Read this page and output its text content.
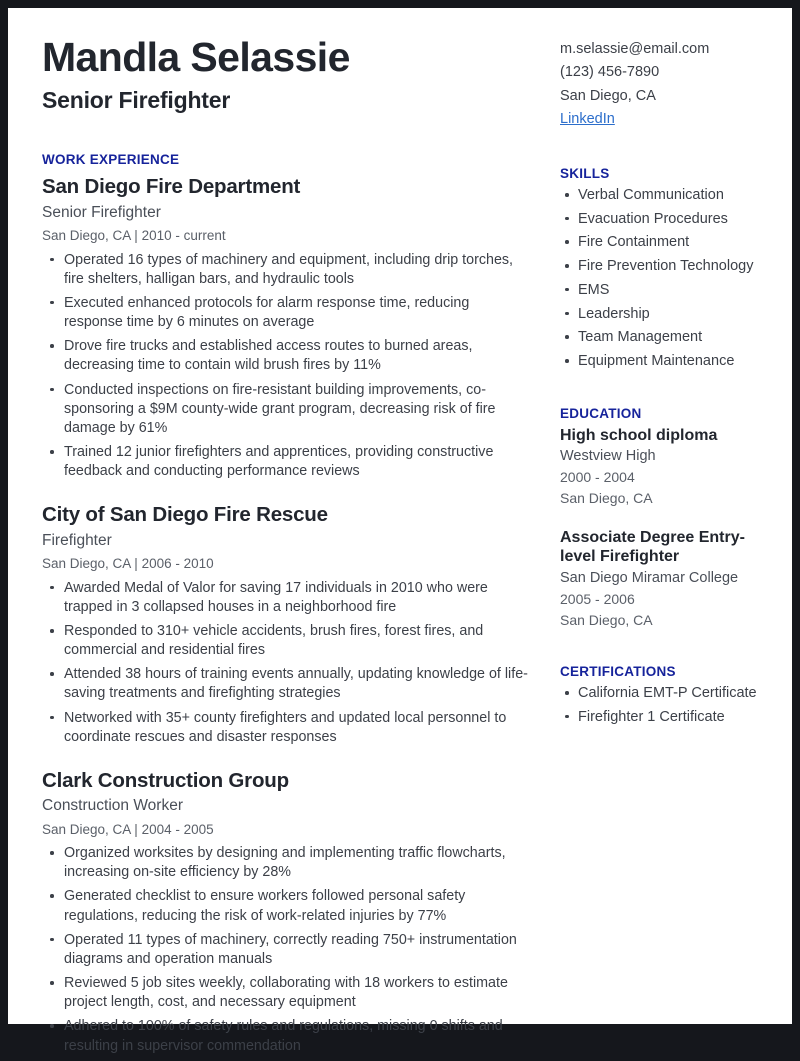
Mandla Selassie
Senior Firefighter
WORK EXPERIENCE
San Diego Fire Department
Senior Firefighter
San Diego, CA | 2010 - current
Operated 16 types of machinery and equipment, including drip torches, fire shelters, halligan bars, and hydraulic tools
Executed enhanced protocols for alarm response time, reducing response time by 6 minutes on average
Drove fire trucks and established access routes to burned areas, decreasing time to contain wild brush fires by 11%
Conducted inspections on fire-resistant building improvements, co-sponsoring a $9M county-wide grant program, decreasing risk of fire damage by 61%
Trained 12 junior firefighters and apprentices, providing constructive feedback and conducting performance reviews
City of San Diego Fire Rescue
Firefighter
San Diego, CA | 2006 - 2010
Awarded Medal of Valor for saving 17 individuals in 2010 who were trapped in 3 collapsed houses in a neighborhood fire
Responded to 310+ vehicle accidents, brush fires, forest fires, and commercial and residential fires
Attended 38 hours of training events annually, updating knowledge of life-saving treatments and firefighting strategies
Networked with 35+ county firefighters and updated local personnel to coordinate rescues and disaster responses
Clark Construction Group
Construction Worker
San Diego, CA | 2004 - 2005
Organized worksites by designing and implementing traffic flowcharts, increasing on-site efficiency by 28%
Generated checklist to ensure workers followed personal safety regulations, reducing the risk of work-related injuries by 77%
Operated 11 types of machinery, correctly reading 750+ instrumentation diagrams and operation manuals
Reviewed 5 job sites weekly, collaborating with 18 workers to estimate project length, cost, and necessary equipment
Adhered to 100% of safety rules and regulations, missing 0 shifts and resulting in supervisor commendation
m.selassie@email.com
(123) 456-7890
San Diego, CA
LinkedIn
SKILLS
Verbal Communication
Evacuation Procedures
Fire Containment
Fire Prevention Technology
EMS
Leadership
Team Management
Equipment Maintenance
EDUCATION
High school diploma
Westview High
2000 - 2004
San Diego, CA
Associate Degree Entry-level Firefighter
San Diego Miramar College
2005 - 2006
San Diego, CA
CERTIFICATIONS
California EMT-P Certificate
Firefighter 1 Certificate
